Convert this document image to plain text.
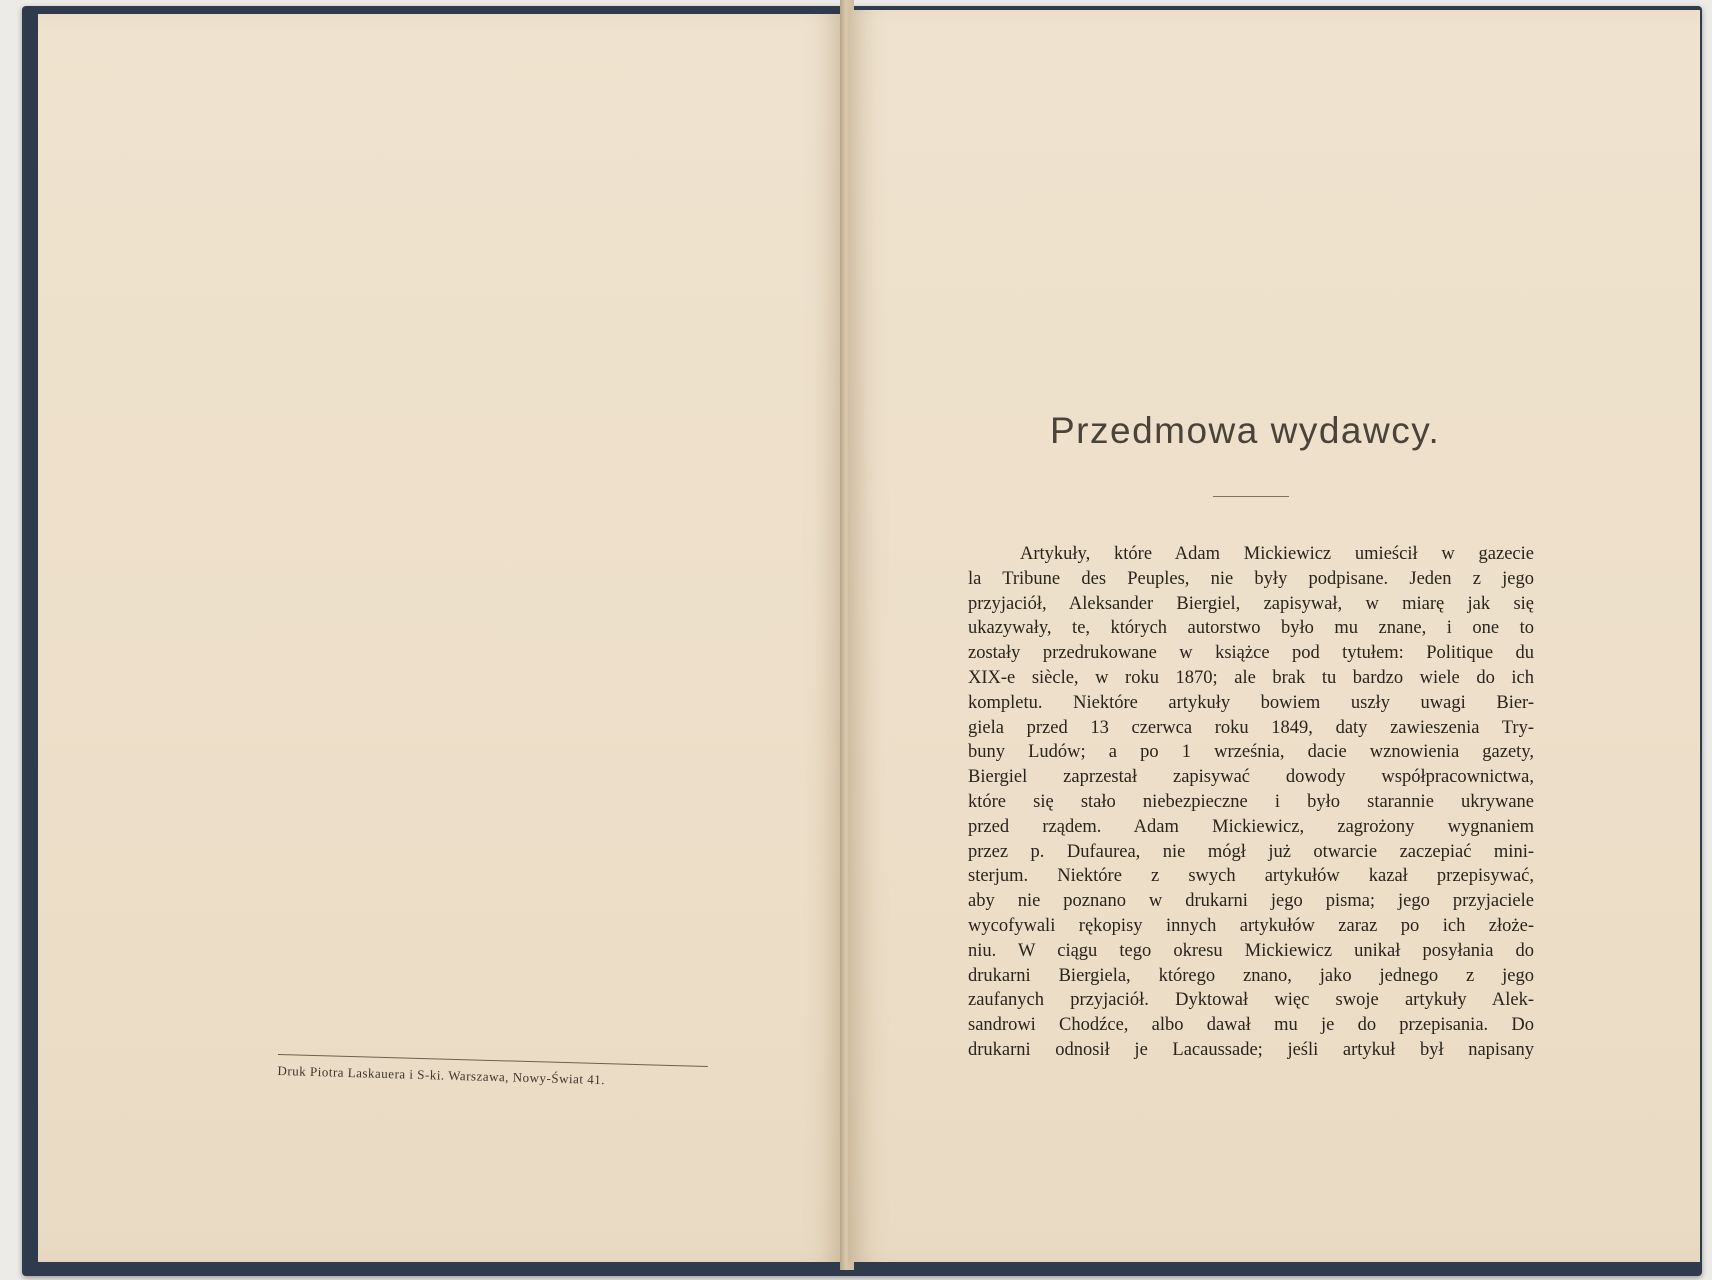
Druk Piotra Laskauera i S-ki. Warszawa, Nowy-Świat 41.
Przedmowa wydawcy.
Artykuły, które Adam Mickiewicz umieścił w gazecie
la Tribune des Peuples, nie były podpisane. Jeden z jego
przyjaciół, Aleksander Biergiel, zapisywał, w miarę jak się
ukazywały, te, których autorstwo było mu znane, i one to
zostały przedrukowane w książce pod tytułem: Politique du
XIX-e siècle, w roku 1870; ale brak tu bardzo wiele do ich
kompletu. Niektóre artykuły bowiem uszły uwagi Bier-
giela przed 13 czerwca roku 1849, daty zawieszenia Try-
buny Ludów; a po 1 września, dacie wznowienia gazety,
Biergiel zaprzestał zapisywać dowody współpracownictwa,
które się stało niebezpieczne i było starannie ukrywane
przed rządem. Adam Mickiewicz, zagrożony wygnaniem
przez p. Dufaurea, nie mógł już otwarcie zaczepiać mini-
sterjum. Niektóre z swych artykułów kazał przepisywać,
aby nie poznano w drukarni jego pisma; jego przyjaciele
wycofywali rękopisy innych artykułów zaraz po ich złoże-
niu. W ciągu tego okresu Mickiewicz unikał posyłania do
drukarni Biergiela, którego znano, jako jednego z jego
zaufanych przyjaciół. Dyktował więc swoje artykuły Alek-
sandrowi Chodźce, albo dawał mu je do przepisania. Do
drukarni odnosił je Lacaussade; jeśli artykuł był napisany
